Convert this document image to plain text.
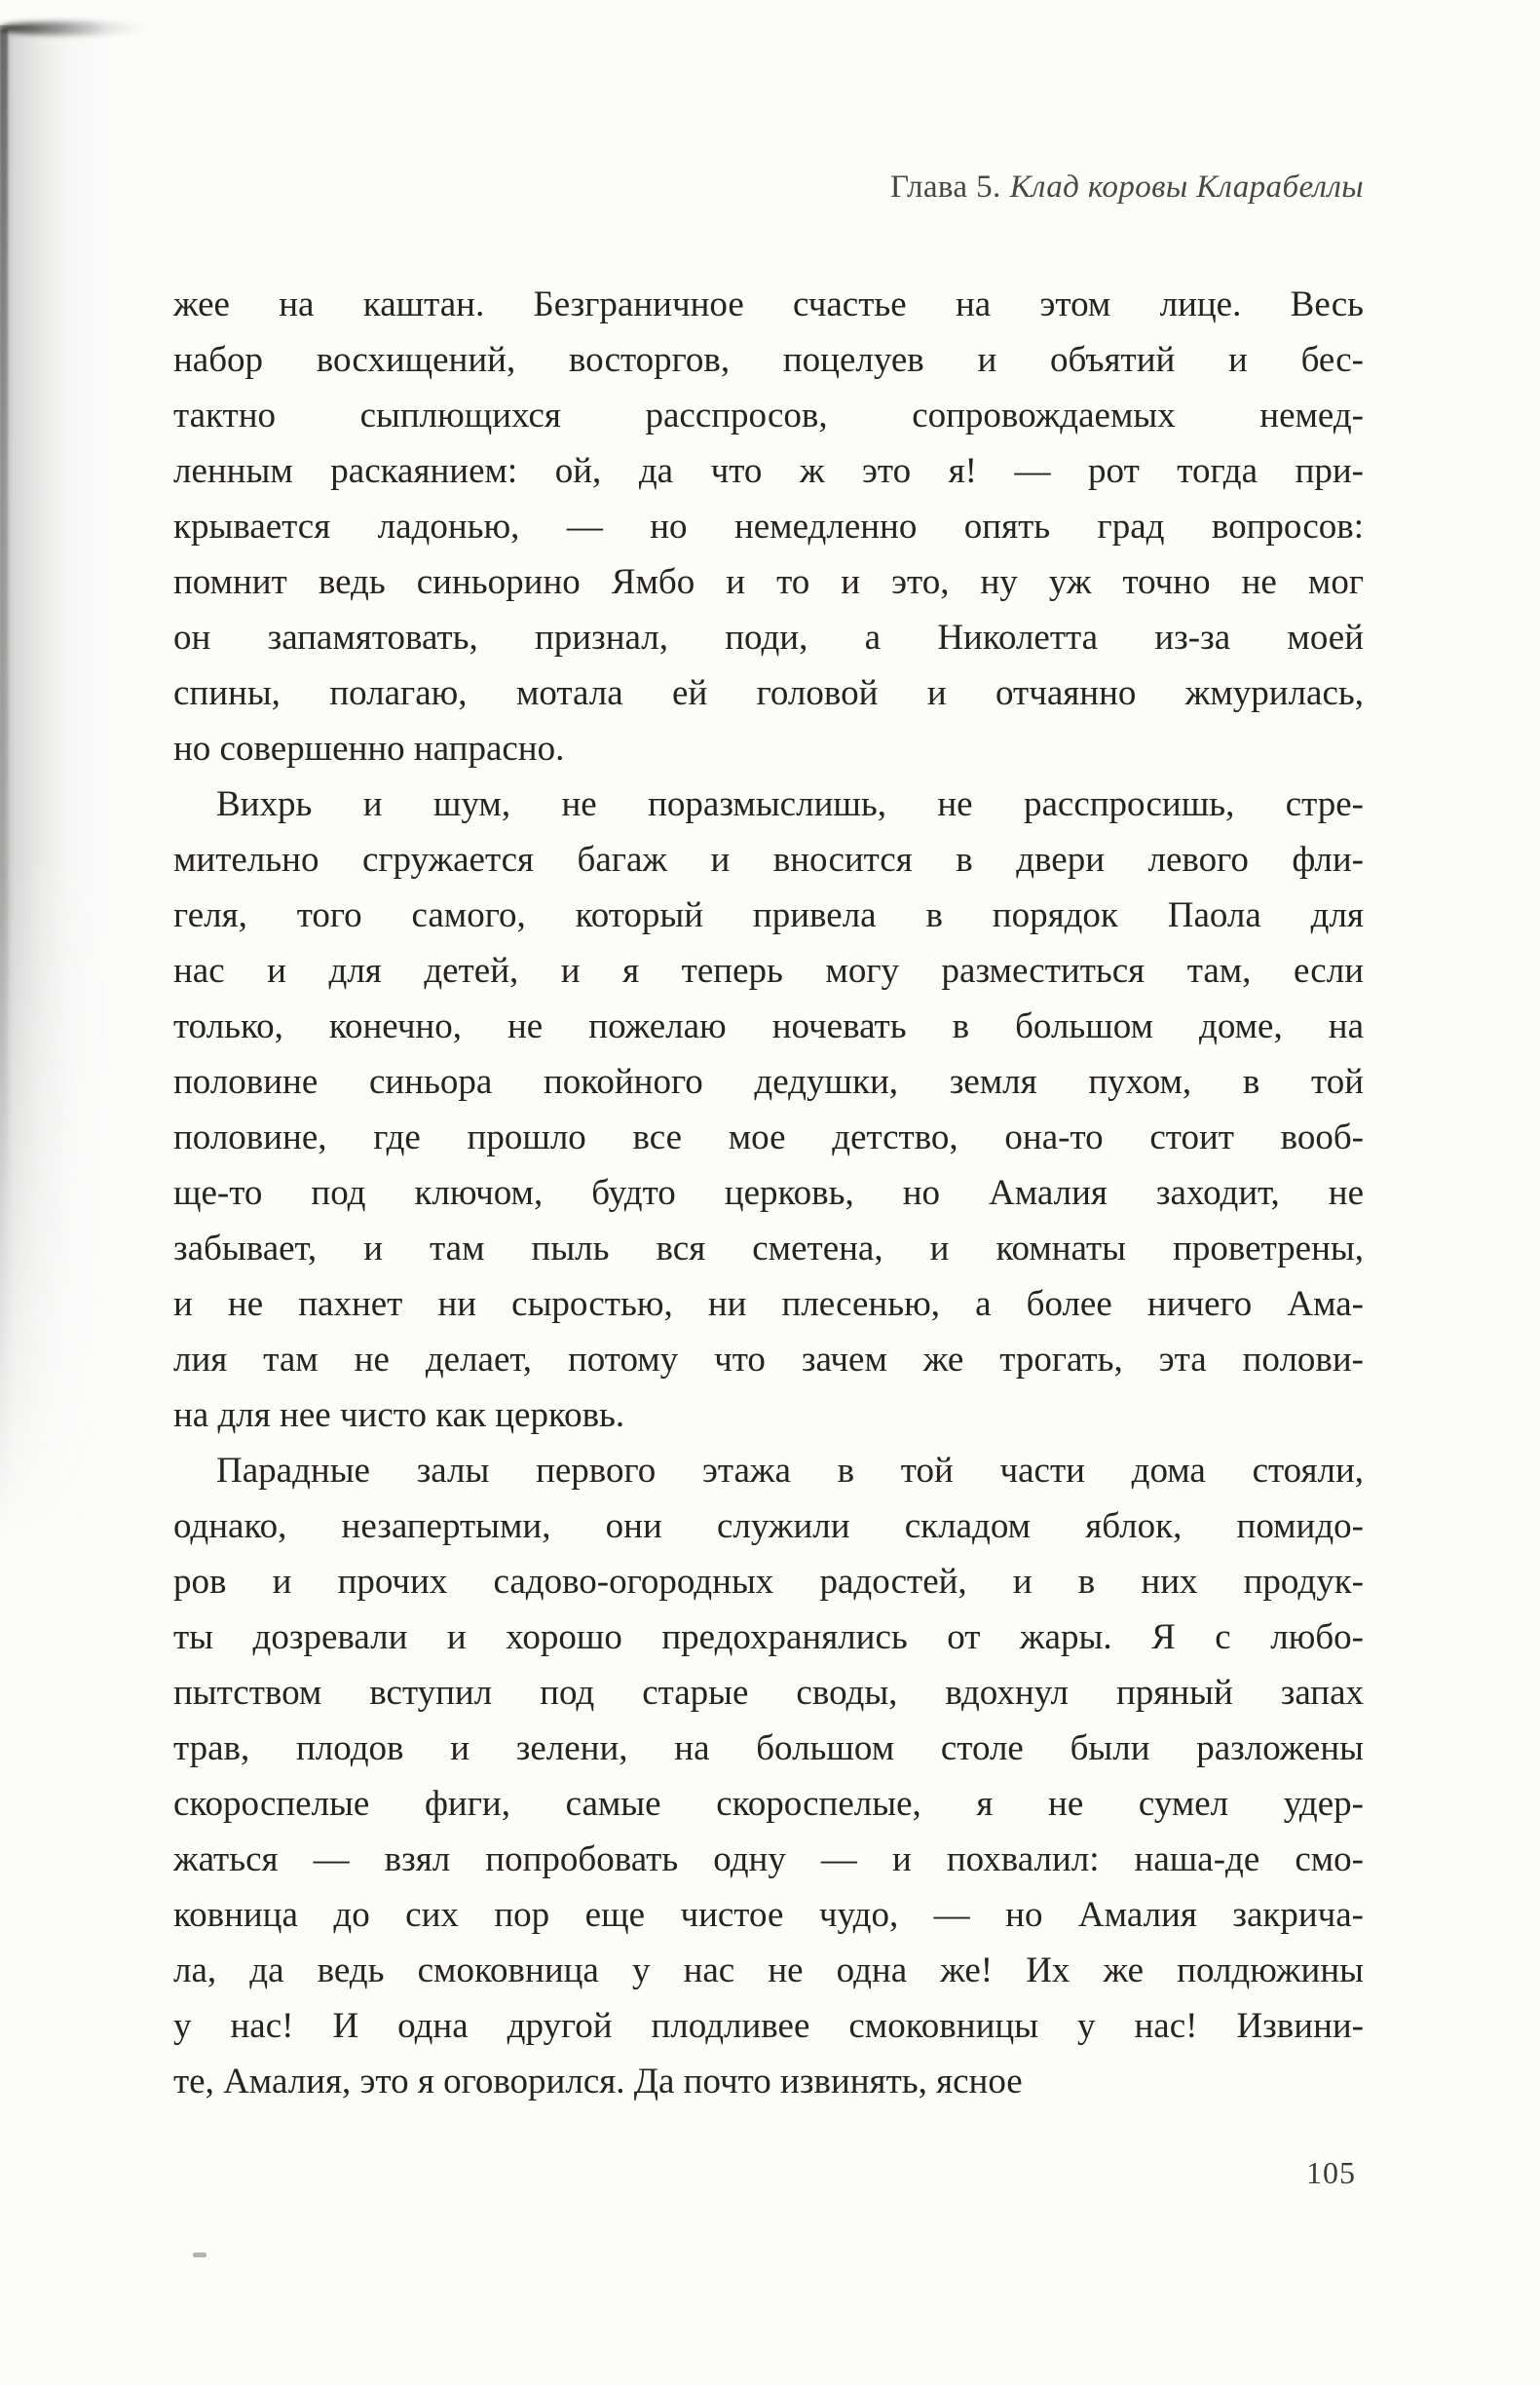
Глава 5. Клад коровы Кларабеллы
жее на каштан. Безграничное счастье на этом лице. Весь
набор восхищений, восторгов, поцелуев и объятий и бес-
тактно сыплющихся расспросов, сопровождаемых немед-
ленным раскаянием: ой, да что ж это я! — рот тогда при-
крывается ладонью, — но немедленно опять град вопросов:
помнит ведь синьорино Ямбо и то и это, ну уж точно не мог
он запамятовать, признал, поди, а Николетта из-за моей
спины, полагаю, мотала ей головой и отчаянно жмурилась,
но совершенно напрасно.
Вихрь и шум, не поразмыслишь, не расспросишь, стре-
мительно сгружается багаж и вносится в двери левого фли-
геля, того самого, который привела в порядок Паола для
нас и для детей, и я теперь могу разместиться там, если
только, конечно, не пожелаю ночевать в большом доме, на
половине синьора покойного дедушки, земля пухом, в той
половине, где прошло все мое детство, она-то стоит вооб-
ще-то под ключом, будто церковь, но Амалия заходит, не
забывает, и там пыль вся сметена, и комнаты проветрены,
и не пахнет ни сыростью, ни плесенью, а более ничего Ама-
лия там не делает, потому что зачем же трогать, эта полови-
на для нее чисто как церковь.
Парадные залы первого этажа в той части дома стояли,
однако, незапертыми, они служили складом яблок, помидо-
ров и прочих садово-огородных радостей, и в них продук-
ты дозревали и хорошо предохранялись от жары. Я с любо-
пытством вступил под старые своды, вдохнул пряный запах
трав, плодов и зелени, на большом столе были разложены
скороспелые фиги, самые скороспелые, я не сумел удер-
жаться — взял попробовать одну — и похвалил: наша-де смо-
ковница до сих пор еще чистое чудо, — но Амалия закрича-
ла, да ведь смоковница у нас не одна же! Их же полдюжины
у нас! И одна другой плодливее смоковницы у нас! Извини-
те, Амалия, это я оговорился. Да почто извинять, ясное
105
